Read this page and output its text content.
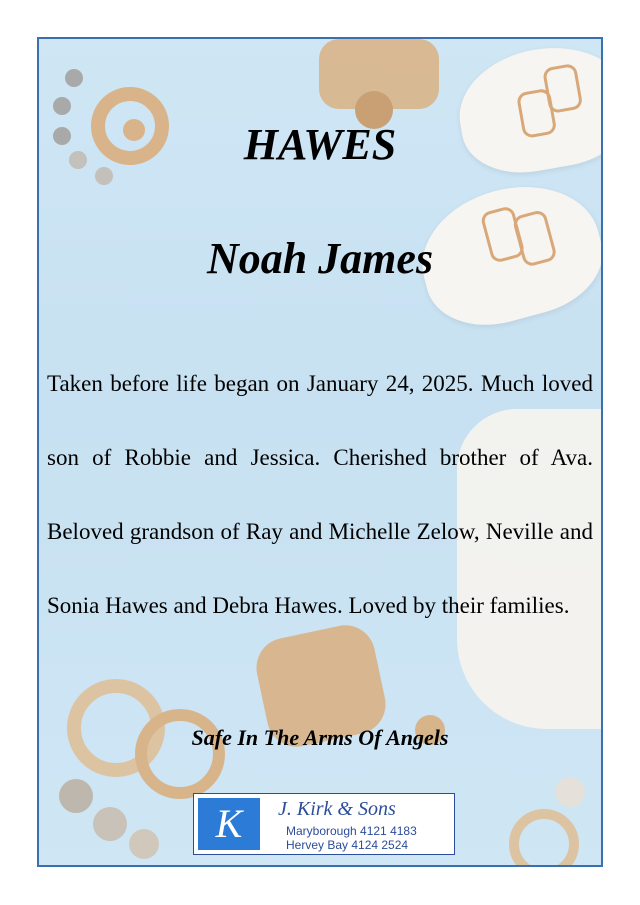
HAWES
Noah James
Taken before life began on January 24, 2025. Much loved son of Robbie and Jessica. Cherished brother of Ava. Beloved grandson of Ray and Michelle Zelow, Neville and Sonia Hawes and Debra Hawes. Loved by their families.
Safe In The Arms Of Angels
K	J. Kirk & Sons
Maryborough 4121 4183
Hervey Bay 4124 2524
